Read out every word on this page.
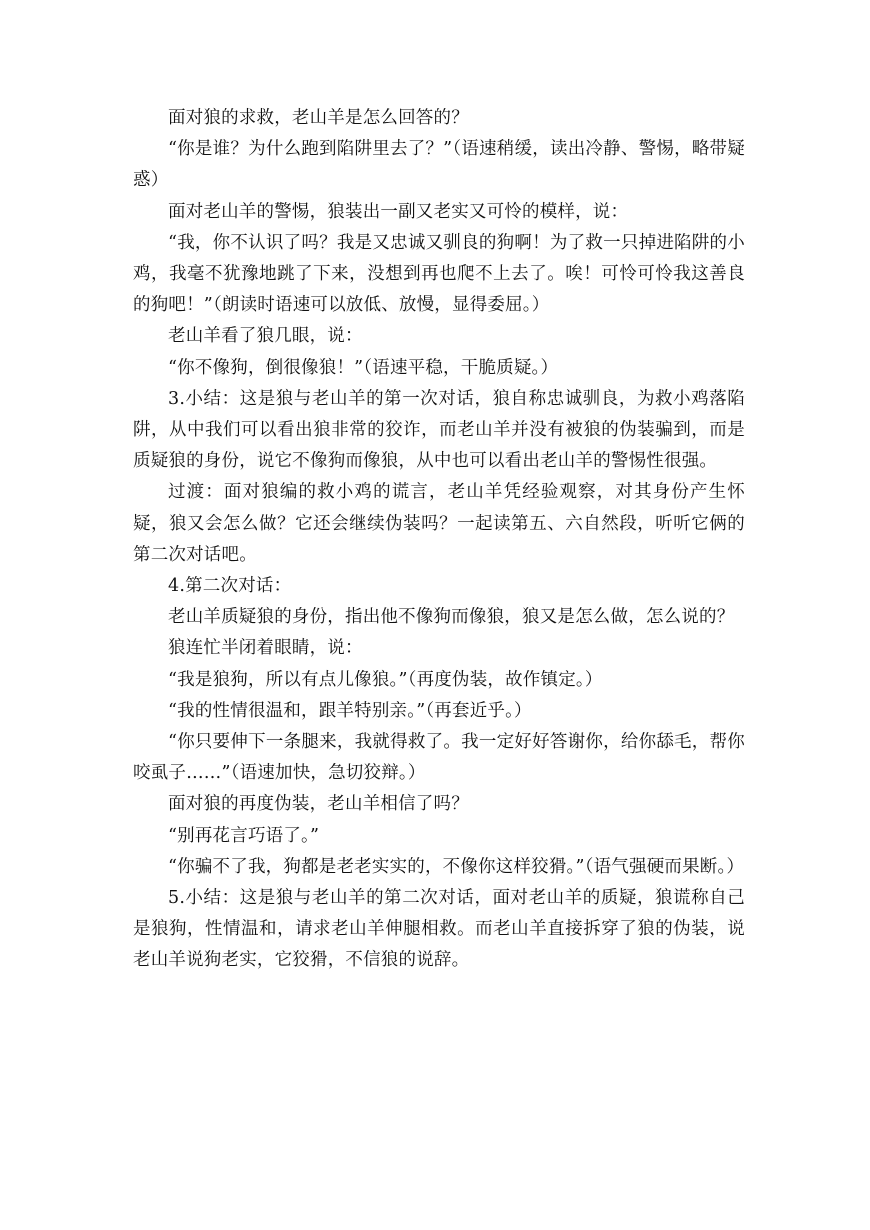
面对狼的求救，老山羊是怎么回答的？

“你是谁？为什么跑到陷阱里去了？”（语速稍缓，读出冷静、警惕，略带疑惑）

面对老山羊的警惕，狼装出一副又老实又可怜的模样，说：

“我，你不认识了吗？我是又忠诚又驯良的狗啊！为了救一只掉进陷阱的小鸡，我毫不犹豫地跳了下来，没想到再也爬不上去了。唉！可怜可怜我这善良的狗吧！”（朗读时语速可以放低、放慢，显得委屈。）

老山羊看了狼几眼，说：

“你不像狗，倒很像狼！”（语速平稳，干脆质疑。）

3.小结：这是狼与老山羊的第一次对话，狼自称忠诚驯良，为救小鸡落陷阱，从中我们可以看出狼非常的狡诈，而老山羊并没有被狼的伪装骗到，而是质疑狼的身份，说它不像狗而像狼，从中也可以看出老山羊的警惕性很强。

过渡：面对狼编的救小鸡的谎言，老山羊凭经验观察，对其身份产生怀疑，狼又会怎么做？它还会继续伪装吗？一起读第五、六自然段，听听它俩的第二次对话吧。

4.第二次对话：

老山羊质疑狼的身份，指出他不像狗而像狼，狼又是怎么做，怎么说的？

狼连忙半闭着眼睛，说：

“我是狼狗，所以有点儿像狼。”（再度伪装，故作镇定。）

“我的性情很温和，跟羊特别亲。”（再套近乎。）

“你只要伸下一条腿来，我就得救了。我一定好好答谢你，给你舔毛，帮你咬虱子……”（语速加快，急切狡辩。）

面对狼的再度伪装，老山羊相信了吗？

“别再花言巧语了。”

“你骗不了我，狗都是老老实实的，不像你这样狡猾。”（语气强硬而果断。）

5.小结：这是狼与老山羊的第二次对话，面对老山羊的质疑，狼谎称自己是狼狗，性情温和，请求老山羊伸腿相救。而老山羊直接拆穿了狼的伪装，说老山羊说狗老实，它狡猾，不信狼的说辞。
